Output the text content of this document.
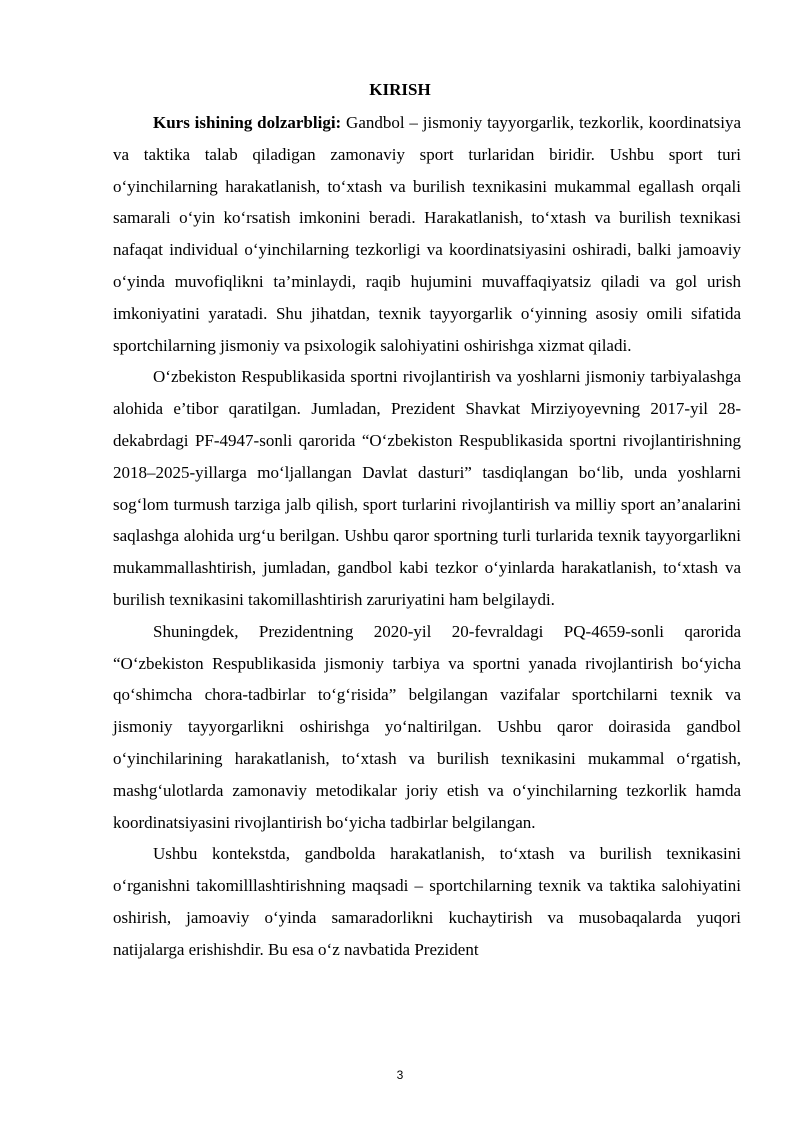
KIRISH

Kurs ishining dolzarbligi: Gandbol – jismoniy tayyorgarlik, tezkorlik, koordinatsiya va taktika talab qiladigan zamonaviy sport turlaridan biridir. Ushbu sport turi o‘yinchilarning harakatlanish, to‘xtash va burilish texnikasini mukammal egallash orqali samarali o‘yin ko‘rsatish imkonini beradi. Harakatlanish, to‘xtash va burilish texnikasi nafaqat individual o‘yinchilarning tezkorligi va koordinatsiyasini oshiradi, balki jamoaviy o‘yinda muvofiqlikni ta’minlaydi, raqib hujumini muvaffaqiyatsiz qiladi va gol urish imkoniyatini yaratadi. Shu jihatdan, texnik tayyorgarlik o‘yinning asosiy omili sifatida sportchilarning jismoniy va psixologik salohiyatini oshirishga xizmat qiladi.

O‘zbekiston Respublikasida sportni rivojlantirish va yoshlarni jismoniy tarbiyalashga alohida e’tibor qaratilgan. Jumladan, Prezident Shavkat Mirziyoyevning 2017-yil 28-dekabrdagi PF-4947-sonli qarorida “O‘zbekiston Respublikasida sportni rivojlantirishning 2018–2025-yillarga mo‘ljallangan Davlat dasturi” tasdiqlangan bo‘lib, unda yoshlarni sog‘lom turmush tarziga jalb qilish, sport turlarini rivojlantirish va milliy sport an’analarini saqlashga alohida urg‘u berilgan. Ushbu qaror sportning turli turlarida texnik tayyorgarlikni mukammallashtirish, jumladan, gandbol kabi tezkor o‘yinlarda harakatlanish, to‘xtash va burilish texnikasini takomillashtirish zaruriyatini ham belgilaydi.

Shuningdek, Prezidentning 2020-yil 20-fevraldagi PQ-4659-sonli qarorida “O‘zbekiston Respublikasida jismoniy tarbiya va sportni yanada rivojlantirish bo‘yicha qo‘shimcha chora-tadbirlar to‘g‘risida” belgilangan vazifalar sportchilarni texnik va jismoniy tayyorgarlikni oshirishga yo‘naltirilgan. Ushbu qaror doirasida gandbol o‘yinchilarining harakatlanish, to‘xtash va burilish texnikasini mukammal o‘rgatish, mashg‘ulotlarda zamonaviy metodikalar joriy etish va o‘yinchilarning tezkorlik hamda koordinatsiyasini rivojlantirish bo‘yicha tadbirlar belgilangan.

Ushbu kontekstda, gandbolda harakatlanish, to‘xtash va burilish texnikasini o‘rganishni takomilllashtirishning maqsadi – sportchilarning texnik va taktika salohiyatini oshirish, jamoaviy o‘yinda samaradorlikni kuchaytirish va musobaqalarda yuqori natijalarga erishishdir. Bu esa o‘z navbatida Prezident

3
